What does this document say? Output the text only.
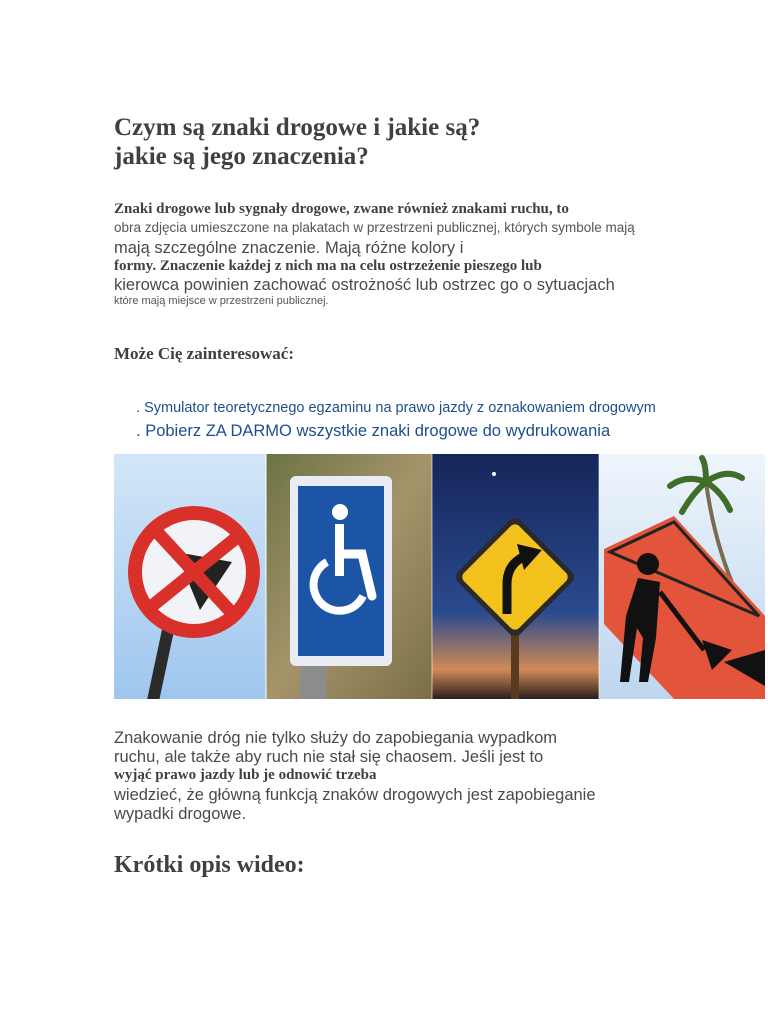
Czym są znaki drogowe i jakie są?
jakie są jego znaczenia?
Znaki drogowe lub sygnały drogowe, zwane również znakami ruchu, to
obra zdjęcia umieszczone na plakatach w przestrzeni publicznej, których symbole mają
mają szczególne znaczenie. Mają różne kolory i
formy. Znaczenie każdej z nich ma na celu ostrzeżenie pieszego lub
kierowca powinien zachować ostrożność lub ostrzec go o sytuacjach
które mają miejsce w przestrzeni publicznej.
Może Cię zainteresować:
. Symulator teoretycznego egzaminu na prawo jazdy z oznakowaniem drogowym
. Pobierz ZA DARMO wszystkie znaki drogowe do wydrukowania
Znakowanie dróg nie tylko służy do zapobiegania wypadkom
ruchu, ale także aby ruch nie stał się chaosem. Jeśli jest to
wyjąć prawo jazdy lub je odnowić trzeba
wiedzieć, że główną funkcją znaków drogowych jest zapobieganie
wypadki drogowe.
Krótki opis wideo:
